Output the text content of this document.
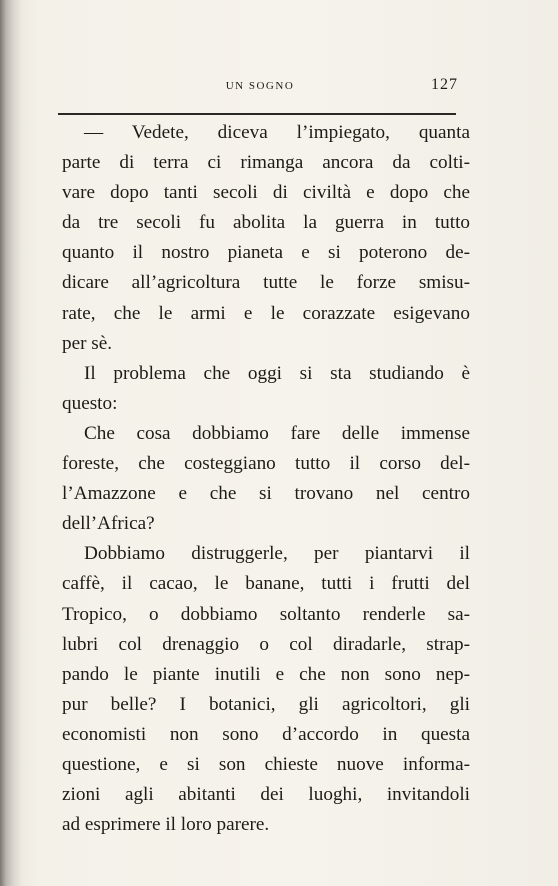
UN SOGNO	127
— Vedete, diceva l’impiegato, quanta
parte di terra ci rimanga ancora da colti-
vare dopo tanti secoli di civiltà e dopo che
da tre secoli fu abolita la guerra in tutto
quanto il nostro pianeta e si poterono de-
dicare all’agricoltura tutte le forze smisu-
rate, che le armi e le corazzate esigevano
per sè.
Il problema che oggi si sta studiando è
questo:
Che cosa dobbiamo fare delle immense
foreste, che costeggiano tutto il corso del-
l’Amazzone e che si trovano nel centro
dell’Africa?
Dobbiamo distruggerle, per piantarvi il
caffè, il cacao, le banane, tutti i frutti del
Tropico, o dobbiamo soltanto renderle sa-
lubri col drenaggio o col diradarle, strap-
pando le piante inutili e che non sono nep-
pur belle? I botanici, gli agricoltori, gli
economisti non sono d’accordo in questa
questione, e si son chieste nuove informa-
zioni agli abitanti dei luoghi, invitandoli
ad esprimere il loro parere.
